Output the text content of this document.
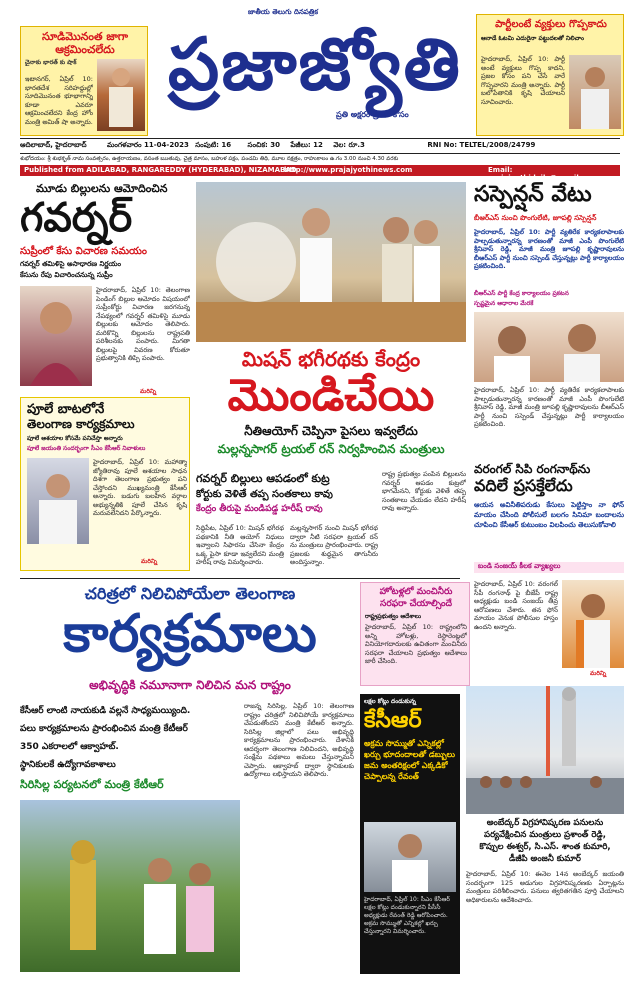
సూడిమొనంత జాగా ఆక్రమించలేదు
చైనాకు భారత్ కు షాక్
ఇటానగర్, ఏప్రిల్ 10: భారతదేశ సరిహద్దుల్లో సూదిమొనంత భూభాగాన్ని కూడా ఎవరూ ఆక్రమించలేదని కేంద్ర హోం మంత్రి అమిత్ షా అన్నారు.
జాతీయ తెలుగు దినపత్రిక
ప్రజాజ్యోతి
ప్రతి అక్షరం ప్రజల కోసం
పార్టీలంటే వ్యక్తులు గొప్పకాదు
ఆనాడే ఓటమి ఎదురైనా పట్టుదలతో నిలిచాం
హైదరాబాద్, ఏప్రిల్ 10: పార్టీ అంటే వ్యక్తులు గొప్ప కాదని, ప్రజల కోసం పని చేసే వారే గొప్పవారని మంత్రి అన్నారు. పార్టీ బలోపేతానికి కృషి చేయాలని సూచించారు.
ఆదిలాబాద్, హైదరాబాద్	మంగళవారం 11-04-2023 సంపుటి: 16 సంచిక: 30 పేజీలు: 12 వెల: రూ.3	RNI No: TELTEL/2008/24799
శుభోదయం: శ్రీ శుభకృత్ నామ సంవత్సరం, ఉత్తరాయణం, వసంత ఋతువు, చైత్ర మాసం, బహుళ పక్షం, పంచమి తిథి, మూల నక్షత్రం, రాహుకాలం ఉ.గం 3.00 నుంచి 4.30 వరకు
Published from ADILABAD, RANGAREDDY (HYDERABAD), NIZAMABAD
http://www.prajajyothinews.com	Email: prajajyothidaily@gmail.com
మూడు బిల్లులను ఆమోదించిన
గవర్నర్
సుప్రీంలో కేసు విచారణ సమయం
గవర్నర్ తమిళిసై అసాధారణ నిర్ణయం
కేసును రేపు విచారించనున్న సుప్రీం
హైదరాబాద్, ఏప్రిల్ 10: తెలంగాణ పెండింగ్ బిల్లుల ఆమోదం విషయంలో సుప్రీంకోర్టు విచారణ జరగనున్న నేపథ్యంలో గవర్నర్ తమిళిసై మూడు బిల్లులకు ఆమోదం తెలిపారు. మరికొన్ని బిల్లులను రాష్ట్రపతి పరిశీలనకు పంపారు. మిగతా బిల్లులపై వివరణ కోరుతూ ప్రభుత్వానికి తిప్పి పంపారు.
మరిన్ని
పూలే బాటలోనే
తెలంగాణ కార్యక్రమాలు
పూలే ఆశయాల కోసమే పనిచేస్తా అన్నారు
పూలే జయంతి సందర్భంగా సీఎం కేసీఆర్ నివాళులు
హైదరాబాద్, ఏప్రిల్ 10: మహాత్మా జ్యోతిరావు పూలే ఆశయాల సాధన దిశగా తెలంగాణ ప్రభుత్వం పని చేస్తోందని ముఖ్యమంత్రి కేసీఆర్ అన్నారు. బడుగు బలహీన వర్గాల అభ్యున్నతికి పూలే చేసిన కృషి మరువలేనిదని పేర్కొన్నారు.
మరిన్ని
మిషన్ భగీరథకు కేంద్రం
మొండిచేయి
నీతిఆయోగ్ చెప్పినా పైసలు ఇవ్వలేదు
మల్లన్నసాగర్ ట్రయల్ రన్ నిర్వహించిన మంత్రులు
గవర్నర్ బిల్లులు ఆపడంలో కుట్ర
కోర్టుకు వెళితే తప్ప సంతకాలు కావు
కేంద్రం తీరుపై మండిపడ్డ హరీష్ రావు
సిద్దిపేట, ఏప్రిల్ 10: మిషన్ భగీరథ పథకానికి నీతి ఆయోగ్ నిధులు ఇవ్వాలని సిఫారసు చేసినా కేంద్రం ఒక్క పైసా కూడా ఇవ్వలేదని మంత్రి హరీష్ రావు విమర్శించారు.
మల్లన్నసాగర్ నుంచి మిషన్ భగీరథ ద్వారా నీటి సరఫరా ట్రయల్ రన్ ను మంత్రులు ప్రారంభించారు. రాష్ట్ర ప్రజలకు శుద్ధమైన తాగునీరు అందిస్తున్నాం.
రాష్ట్ర ప్రభుత్వం పంపిన బిల్లులను గవర్నర్ ఆపడం కుట్రలో భాగమేనని, కోర్టుకు వెళితే తప్ప సంతకాలు చేయడం లేదని హరీష్ రావు అన్నారు.
సస్పెన్షన్ వేటు
బీఆర్ఎస్ నుంచి పొంగులేటి, జూపల్లి సస్పెన్షన్
హైదరాబాద్, ఏప్రిల్ 10: పార్టీ వ్యతిరేక కార్యకలాపాలకు పాల్పడుతున్నారన్న కారణంతో మాజీ ఎంపీ పొంగులేటి శ్రీనివాస్ రెడ్డి, మాజీ మంత్రి జూపల్లి కృష్ణారావులను బీఆర్ఎస్ పార్టీ నుంచి సస్పెండ్ చేస్తున్నట్లు పార్టీ కార్యాలయం ప్రకటించింది.
బీఆర్ఎస్ పార్టీ కేంద్ర కార్యాలయం ప్రకటన
స్పష్టమైన ఆధారాల మేరకే
హైదరాబాద్, ఏప్రిల్ 10: పార్టీ వ్యతిరేక కార్యకలాపాలకు పాల్పడుతున్నారన్న కారణంతో మాజీ ఎంపీ పొంగులేటి శ్రీనివాస్ రెడ్డి, మాజీ మంత్రి జూపల్లి కృష్ణారావులను బీఆర్ఎస్ పార్టీ నుంచి సస్పెండ్ చేస్తున్నట్లు పార్టీ కార్యాలయం ప్రకటించింది.
వరంగల్ సిపి రంగనాథ్‌ను
వదిలే ప్రసక్తేలేదు
ఆయన అవినీతిపరుడు కేసులు పెట్టిస్తాం నా ఫోన్ మాయం చేసింది పోలీసులే బలగం సినిమా బందాలను చూపించి కేసీఆర్ కుటుంబం విలపించు తెలుసుకోవాలి
బండి సంజయ్ కీలక వ్యాఖ్యలు
హైదరాబాద్, ఏప్రిల్ 10: వరంగల్ సీపీ రంగనాథ్ పై బీజేపీ రాష్ట్ర అధ్యక్షుడు బండి సంజయ్ తీవ్ర ఆరోపణలు చేశారు. తన ఫోన్ మాయం వెనుక పోలీసుల హస్తం ఉందని అన్నారు.
మరిన్ని
చరిత్రలో నిలిచిపోయేలా తెలంగాణ
కార్యక్రమాలు
అభివృద్ధికి నమూనాగా నిలిచిన మన రాష్ట్రం
కేసీఆర్ లాంటి నాయకుడి వల్లనే సాధ్యమయ్యింది.
పలు కార్యక్రమాలను ప్రారంభించిన మంత్రి కేటీఆర్
350 ఎకరాలలో ఆక్వాహబ్.
స్థానికులకే ఉద్యోగావకాశాలు
సిరిసిల్ల పర్యటనలో మంత్రి కేటీఆర్
రాజన్న సిరిసిల్ల, ఏప్రిల్ 10: తెలంగాణ రాష్ట్రం చరిత్రలో నిలిచిపోయే కార్యక్రమాలు చేపడుతోందని మంత్రి కేటీఆర్ అన్నారు. సిరిసిల్ల జిల్లాలో పలు అభివృద్ధి కార్యక్రమాలను ప్రారంభించారు. దేశానికి ఆదర్శంగా తెలంగాణ నిలిచిందని, అభివృద్ధి సంక్షేమ పథకాలు అమలు చేస్తున్నామని చెప్పారు. ఆక్వాహబ్ ద్వారా స్థానికులకు ఉద్యోగాలు లభిస్తాయని తెలిపారు.
హోటళ్లలో మంచినీరు
సరఫరా చేయాల్సిందే
రాష్ట్రప్రభుత్వం ఆదేశాలు
హైదరాబాద్, ఏప్రిల్ 10: రాష్ట్రంలోని అన్ని హోటళ్లు, రెస్టారెంట్లలో వినియోగదారులకు ఉచితంగా మంచినీరు సరఫరా చేయాలని ప్రభుత్వం ఆదేశాలు జారీ చేసింది.
లక్షల కోట్లు దండుకున్న
కేసీఆర్
అక్రమ సొమ్ముతో ఎన్నికల్లో ఖర్చు భూదందాలతో డబ్బులు జమ అంతరిక్షంలో ఎక్కడికో చెప్పాలన్న రేవంత్
హైదరాబాద్, ఏప్రిల్ 10: సీఎం కేసీఆర్ లక్షల కోట్లు దండుకున్నారని పీసీసీ అధ్యక్షుడు రేవంత్ రెడ్డి ఆరోపించారు. అక్రమ సొమ్ముతో ఎన్నికల్లో ఖర్చు చేస్తున్నారని విమర్శించారు.
అంబేద్కర్ విగ్రహావిష్కరణ పనులను
పర్యవేక్షించిన మంత్రులు ప్రశాంత్ రెడ్డి,
కొప్పుల ఈశ్వర్, సి.ఎస్. శాంత కుమారి,
డీజీపి అంజనీ కుమార్
హైదరాబాద్, ఏప్రిల్ 10: ఈనెల 14న అంబేద్కర్ జయంతి సందర్భంగా 125 అడుగుల విగ్రహావిష్కరణకు ఏర్పాట్లను మంత్రులు పరిశీలించారు. పనులు త్వరితగతిన పూర్తి చేయాలని అధికారులను ఆదేశించారు.
